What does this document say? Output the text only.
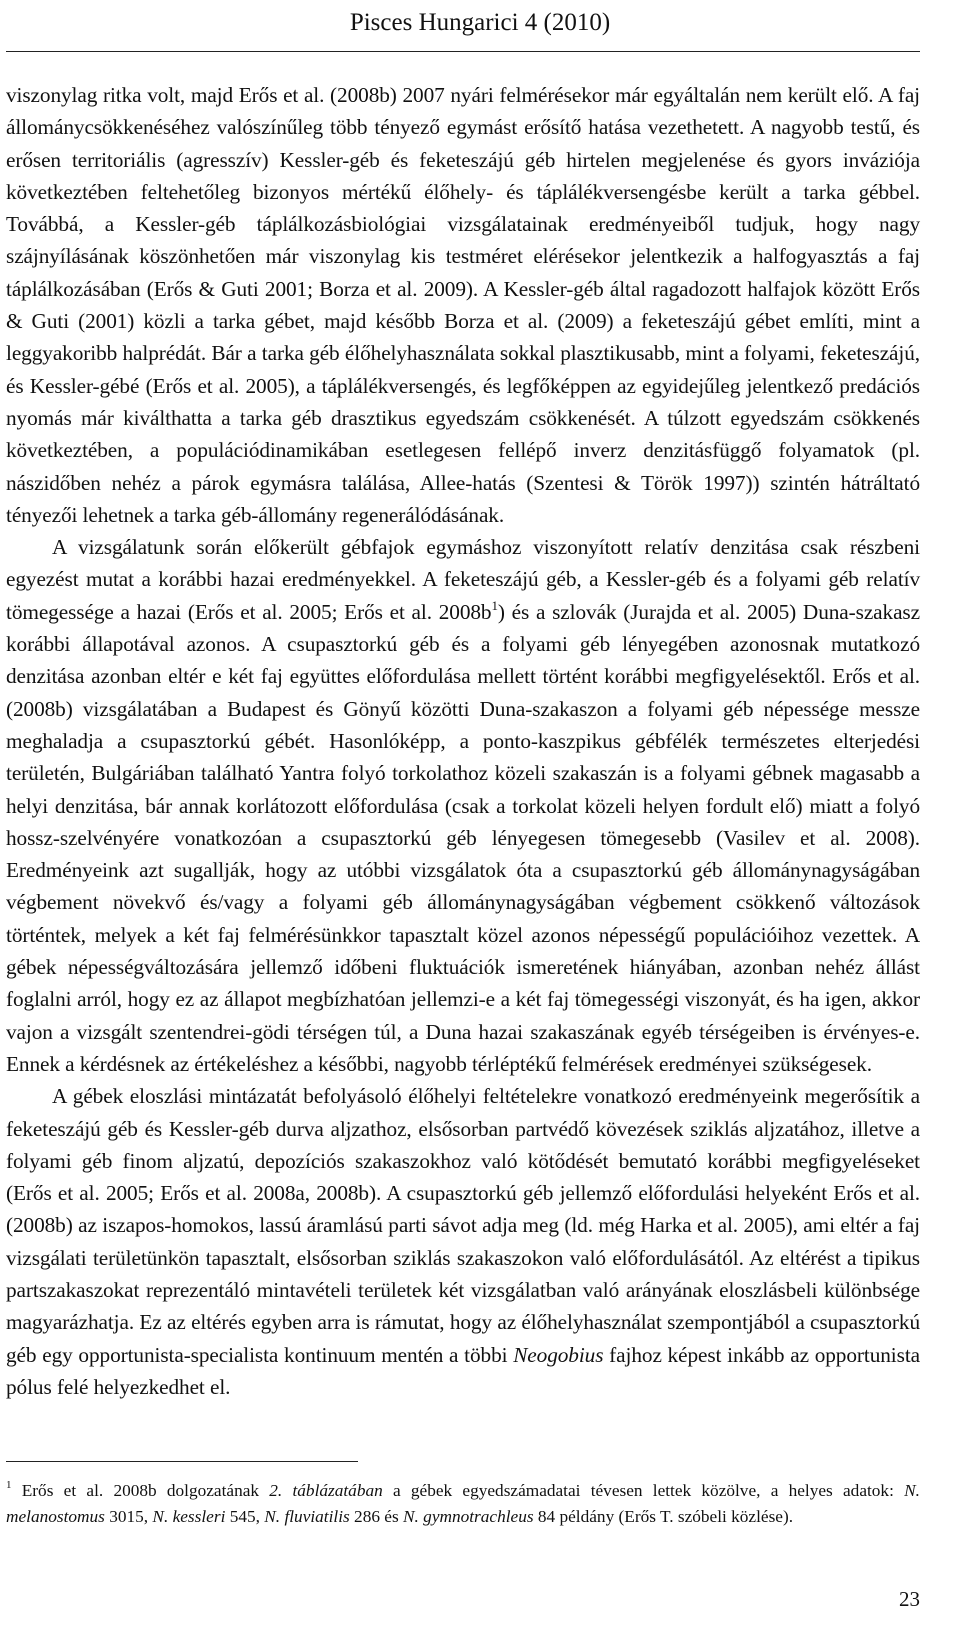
Pisces Hungarici 4 (2010)

viszonylag ritka volt, majd Erős et al. (2008b) 2007 nyári felmérésekor már egyáltalán nem került elő. A faj állománycsökkenéséhez valószínűleg több tényező egymást erősítő hatása vezethetett. A nagyobb testű, és erősen territoriális (agresszív) Kessler-géb és feketeszájú géb hirtelen megjelenése és gyors inváziója következtében feltehetőleg bizonyos mértékű élőhely- és táplálékversengésbe került a tarka gébbel. Továbbá, a Kessler-géb táplálkozásbiológiai vizsgálatainak eredményeiből tudjuk, hogy nagy szájnyílásának köszönhetően már viszonylag kis testméret elérésekor jelentkezik a halfogyasztás a faj táplálkozásában (Erős & Guti 2001; Borza et al. 2009). A Kessler-géb által ragadozott halfajok között Erős & Guti (2001) közli a tarka gébet, majd később Borza et al. (2009) a feketeszájú gébet említi, mint a leggyakoribb halprédát. Bár a tarka géb élőhelyhasználata sokkal plasztikusabb, mint a folyami, feketeszájú, és Kessler-gébé (Erős et al. 2005), a táplálékversengés, és legfőképpen az egyidejűleg jelentkező predációs nyomás már kiválthatta a tarka géb drasztikus egyedszám csökkenését. A túlzott egyedszám csökkenés következtében, a populációdinamikában esetlegesen fellépő inverz denzitásfüggő folyamatok (pl. nászidőben nehéz a párok egymásra találása, Allee-hatás (Szentesi & Török 1997)) szintén hátráltató tényezői lehetnek a tarka géb-állomány regenerálódásának.

A vizsgálatunk során előkerült gébfajok egymáshoz viszonyított relatív denzitása csak részbeni egyezést mutat a korábbi hazai eredményekkel. A feketeszájú géb, a Kessler-géb és a folyami géb relatív tömegessége a hazai (Erős et al. 2005; Erős et al. $2008b^1$) és a szlovák (Jurajda et al. 2005) Duna-szakasz korábbi állapotával azonos. A csupasztorkú géb és a folyami géb lényegében azonosnak mutatkozó denzitása azonban eltér e két faj együttes előfordulása mellett történt korábbi megfigyelésektől. Erős et al. (2008b) vizsgálatában a Budapest és Gönyű közötti Duna-szakaszon a folyami géb népessége messze meghaladja a csupasztorkú gébét. Hasonlóképp, a ponto-kaszpikus gébfélék természetes elterjedési területén, Bulgáriában található Yantra folyó torkolathoz közeli szakaszán is a folyami gébnek magasabb a helyi denzitása, bár annak korlátozott előfordulása (csak a torkolat közeli helyen fordult elő) miatt a folyó hossz-szelvényére vonatkozóan a csupasztorkú géb lényegesen tömegesebb (Vasilev et al. 2008). Eredményeink azt sugallják, hogy az utóbbi vizsgálatok óta a csupasztorkú géb állománynagyságában végbement növekvő és/vagy a folyami géb állománynagyságában végbement csökkenő változások történtek, melyek a két faj felmérésünkkor tapasztalt közel azonos népességű populációihoz vezettek. A gébek népességváltozására jellemző időbeni fluktuációk ismeretének hiányában, azonban nehéz állást foglalni arról, hogy ez az állapot megbízhatóan jellemzi-e a két faj tömegességi viszonyát, és ha igen, akkor vajon a vizsgált szentendrei-gödi térségen túl, a Duna hazai szakaszának egyéb térségeiben is érvényes-e. Ennek a kérdésnek az értékeléshez a későbbi, nagyobb térléptékű felmérések eredményei szükségesek.

A gébek eloszlási mintázatát befolyásoló élőhelyi feltételekre vonatkozó eredményeink megerősítik a feketeszájú géb és Kessler-géb durva aljzathoz, elsősorban partvédő kövezések sziklás aljzatához, illetve a folyami géb finom aljzatú, depozíciós szakaszokhoz való kötődését bemutató korábbi megfigyeléseket (Erős et al. 2005; Erős et al. 2008a, 2008b). A csupasztorkú géb jellemző előfordulási helyeként Erős et al. (2008b) az iszapos-homokos, lassú áramlású parti sávot adja meg (ld. még Harka et al. 2005), ami eltér a faj vizsgálati területünkön tapasztalt, elsősorban sziklás szakaszokon való előfordulásától. Az eltérést a tipikus partszakaszokat reprezentáló mintavételi területek két vizsgálatban való arányának eloszlásbeli különbsége magyarázhatja. Ez az eltérés egyben arra is rámutat, hogy az élőhelyhasználat szempontjából a csupasztorkú géb egy opportunista-specialista kontinuum mentén a többi Neogobius fajhoz képest inkább az opportunista pólus felé helyezkedhet el.

$^1$ Erős et al. 2008b dolgozatának 2. táblázatában a gébek egyedszámadatai tévesen lettek közölve, a helyes adatok: N. melanostomus 3015, N. kessleri 545, N. fluviatilis 286 és N. gymnotrachleus 84 példány (Erős T. szóbeli közlése).
23
